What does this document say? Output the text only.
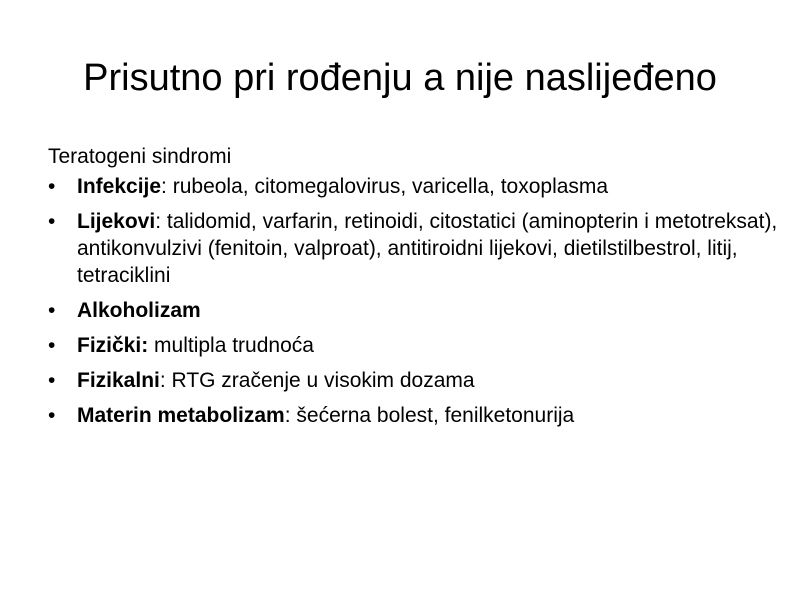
Prisutno pri rođenju a nije naslijeđeno
Teratogeni sindromi
• Infekcije: rubeola, citomegalovirus, varicella, toxoplasma
• Lijekovi: talidomid, varfarin, retinoidi, citostatici (aminopterin i metotreksat), antikonvulzivi (fenitoin, valproat), antitiroidni lijekovi, dietilstilbestrol, litij, tetraciklini
• Alkoholizam
• Fizički: multipla trudnoća
• Fizikalni: RTG zračenje u visokim dozama
• Materin metabolizam: šećerna bolest, fenilketonurija
